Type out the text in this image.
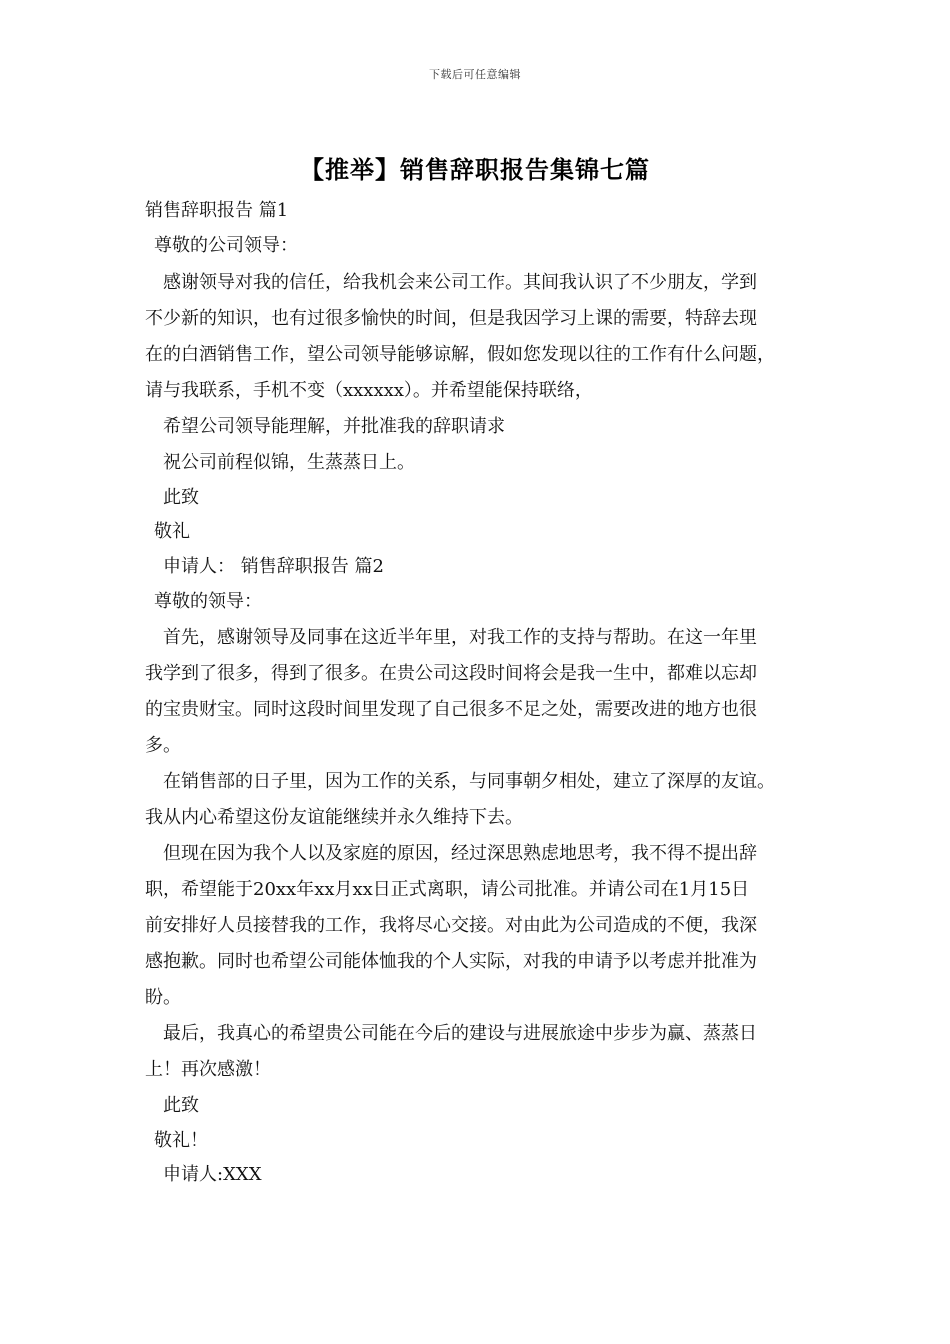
下载后可任意编辑
【推举】销售辞职报告集锦七篇
销售辞职报告 篇1
尊敬的公司领导：
感谢领导对我的信任，给我机会来公司工作。其间我认识了不少朋友，学到
不少新的知识，也有过很多愉快的时间，但是我因学习上课的需要，特辞去现
在的白酒销售工作，望公司领导能够谅解，假如您发现以往的工作有什么问题，
请与我联系，手机不变（xxxxxx）。并希望能保持联络，
希望公司领导能理解，并批准我的辞职请求
祝公司前程似锦，生蒸蒸日上。
此致
敬礼
申请人： 销售辞职报告 篇2
尊敬的领导：
首先，感谢领导及同事在这近半年里，对我工作的支持与帮助。在这一年里
我学到了很多，得到了很多。在贵公司这段时间将会是我一生中，都难以忘却
的宝贵财宝。同时这段时间里发现了自己很多不足之处，需要改进的地方也很
多。
在销售部的日子里，因为工作的关系，与同事朝夕相处，建立了深厚的友谊。
我从内心希望这份友谊能继续并永久维持下去。
但现在因为我个人以及家庭的原因，经过深思熟虑地思考，我不得不提出辞
职，希望能于20xx年xx月xx日正式离职，请公司批准。并请公司在1月15日
前安排好人员接替我的工作，我将尽心交接。对由此为公司造成的不便，我深
感抱歉。同时也希望公司能体恤我的个人实际，对我的申请予以考虑并批准为
盼。
最后，我真心的希望贵公司能在今后的建设与进展旅途中步步为赢、蒸蒸日
上！再次感激！
此致
敬礼！
申请人:XXX
